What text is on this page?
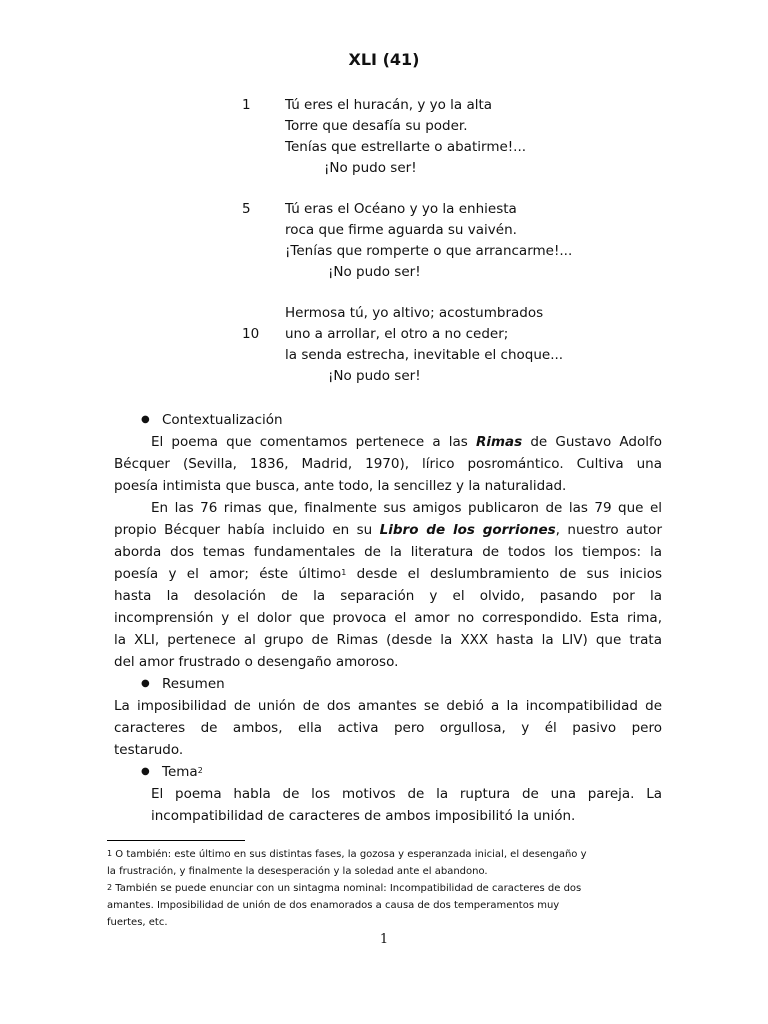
XLI (41)
1	Tú eres el huracán, y yo la alta
Torre que desafía su poder.
Tenías que estrellarte o abatirme!...
¡No pudo ser!
5	Tú eras el Océano y yo la enhiesta
roca que firme aguarda su vaivén.
¡Tenías que romperte o que arrancarme!...
¡No pudo ser!
Hermosa tú, yo altivo; acostumbrados
10	uno a arrollar, el otro a no ceder;
la senda estrecha, inevitable el choque...
¡No pudo ser!
● Contextualización
El poema que comentamos pertenece a las Rimas de Gustavo Adolfo
Bécquer (Sevilla, 1836, Madrid, 1970), lírico posromántico. Cultiva una
poesía intimista que busca, ante todo, la sencillez y la naturalidad.
En las 76 rimas que, finalmente sus amigos publicaron de las 79 que el
propio Bécquer había incluido en su Libro de los gorriones, nuestro autor
aborda dos temas fundamentales de la literatura de todos los tiempos: la
poesía y el amor; éste último$^1$ desde el deslumbramiento de sus inicios
hasta la desolación de la separación y el olvido, pasando por la
incomprensión y el dolor que provoca el amor no correspondido. Esta rima,
la XLI, pertenece al grupo de Rimas (desde la XXX hasta la LIV) que trata
del amor frustrado o desengaño amoroso.
● Resumen
La imposibilidad de unión de dos amantes se debió a la incompatibilidad de
caracteres de ambos, ella activa pero orgullosa, y él pasivo pero
testarudo.
● Tema$^2$
El poema habla de los motivos de la ruptura de una pareja. La
incompatibilidad de caracteres de ambos imposibilitó la unión.
$^1$ O también: este último en sus distintas fases, la gozosa y esperanzada inicial, el desengaño y
la frustración, y finalmente la desesperación y la soledad ante el abandono.
$^2$ También se puede enunciar con un sintagma nominal: Incompatibilidad de caracteres de dos
amantes. Imposibilidad de unión de dos enamorados a causa de dos temperamentos muy
fuertes, etc.
1
